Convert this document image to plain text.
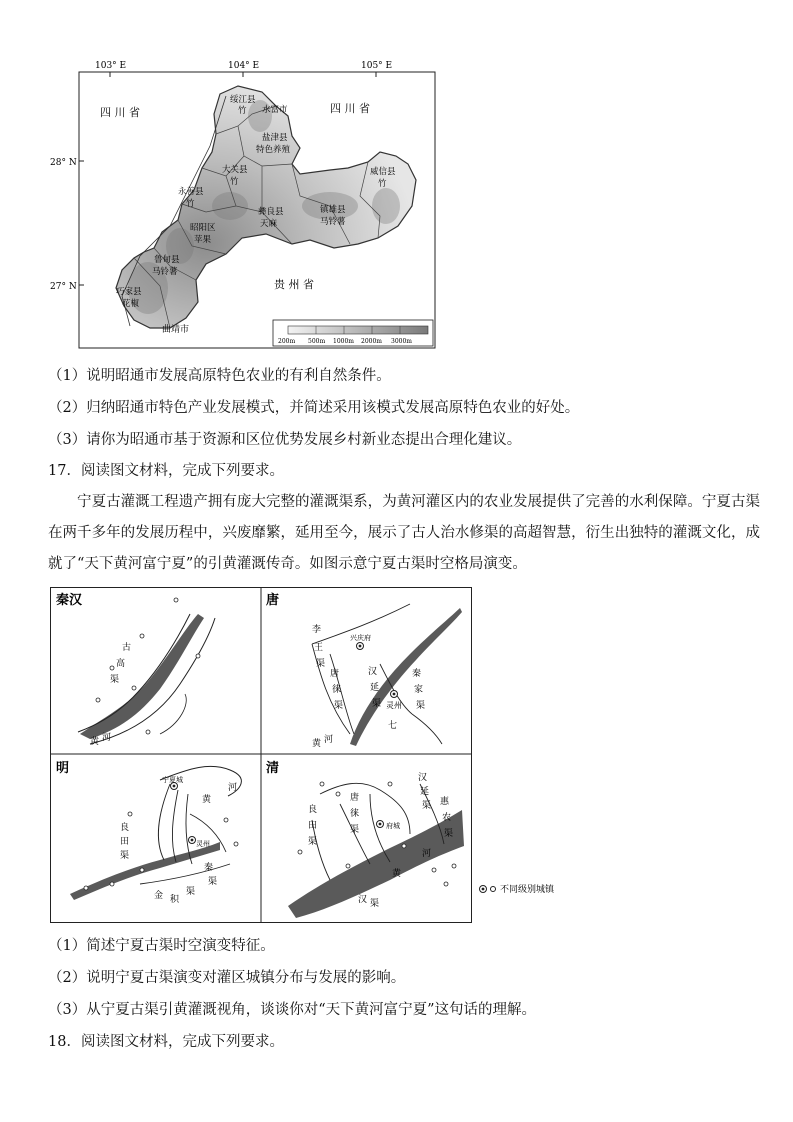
103° E	104° E	105° E
28° N
27° N
四 川 省	四 川 省
贵 州 省
曲靖市
绥江县
竹 水富市
盐津县
特色养殖
大关县
竹
永善县
竹
威信县
竹
彝良县
天麻
镇雄县
马铃薯
昭阳区
苹果
鲁甸县
马铃薯
巧家县
花椒
200m 500m 1000m 2000m 3000m
（1）说明昭通市发展高原特色农业的有利自然条件。
（2）归纳昭通市特色产业发展模式，并简述采用该模式发展高原特色农业的好处。
（3）请你为昭通市基于资源和区位优势发展乡村新业态提出合理化建议。
17．阅读图文材料，完成下列要求。
宁夏古灌溉工程遗产拥有庞大完整的灌溉渠系，为黄河灌区内的农业发展提供了完善的水利保障。宁夏古渠在两千多年的发展历程中，兴废靡繁，延用至今，展示了古人治水修渠的高超智慧，衍生出独特的灌溉文化，成就了“天下黄河富宁夏”的引黄灌溉传奇。如图示意宁夏古渠时空格局演变。
秦汉	唐
明	清
古
高
渠
黄 河
李
王
渠
唐
徕
渠
汉
延
渠
秦
家
渠
兴庆府
灵州
七
黄 河
宁夏城
灵州
黄
河
良
田
渠
金 积
渠
秦
渠
府城
良
田
渠
唐
徕
渠
汉
延
渠 惠
农
渠
黄
河
汉 渠
不同级别城镇
（1）简述宁夏古渠时空演变特征。
（2）说明宁夏古渠演变对灌区城镇分布与发展的影响。
（3）从宁夏古渠引黄灌溉视角，谈谈你对“天下黄河富宁夏”这句话的理解。
18．阅读图文材料，完成下列要求。
